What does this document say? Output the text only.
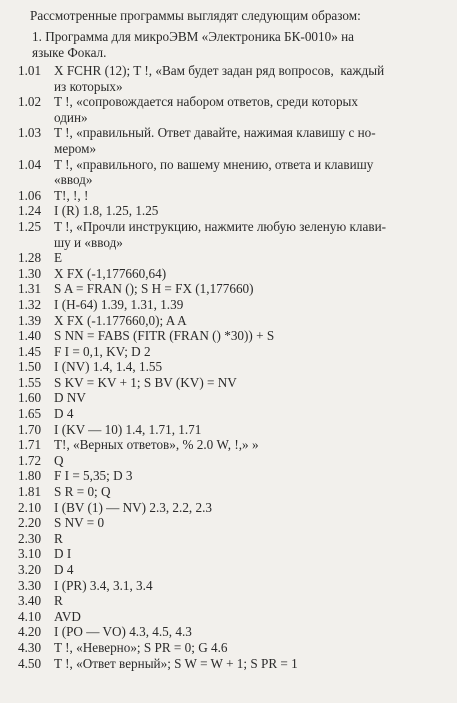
Рассмотренные программы выглядят следующим образом:

1. Программа для микроЭВМ «Электроника БК-0010» на
языке Фокал.

1.01 X FCHR (12); T !, «Вам будет задан ряд вопросов,  каждый
из которых»
1.02 T !, «сопровождается набором ответов, среди которых
один»
1.03 T !, «правильный. Ответ давайте, нажимая клавишу с но-
мером»
1.04 T !, «правильного, по вашему мнению, ответа и клавишу
«ввод»
1.06 T!, !, !
1.24 I (R) 1.8, 1.25, 1.25
1.25 T !, «Прочли инструкцию, нажмите любую зеленую клави-
шу и «ввод»
1.28 E
1.30 X FX (-1,177660,64)
1.31 S A = FRAN (); S H = FX (1,177660)
1.32 I (H-64) 1.39, 1.31, 1.39
1.39 X FX (-1.177660,0); A A
1.40 S NN = FABS (FITR (FRAN () *30)) + S
1.45 F I = 0,1, KV; D 2
1.50 I (NV) 1.4, 1.4, 1.55
1.55 S KV = KV + 1; S BV (KV) = NV
1.60 D NV
1.65 D 4
1.70 I (KV — 10) 1.4, 1.71, 1.71
1.71 T!, «Верных ответов», % 2.0 W, !,» »
1.72 Q
1.80 F I = 5,35; D 3
1.81 S R = 0; Q
2.10 I (BV (1) — NV) 2.3, 2.2, 2.3
2.20 S NV = 0
2.30 R
3.10 D I
3.20 D 4
3.30 I (PR) 3.4, 3.1, 3.4
3.40 R
4.10 AVD
4.20 I (PO — VO) 4.3, 4.5, 4.3
4.30 T !, «Неверно»; S PR = 0; G 4.6
4.50 T !, «Ответ верный»; S W = W + 1; S PR = 1
